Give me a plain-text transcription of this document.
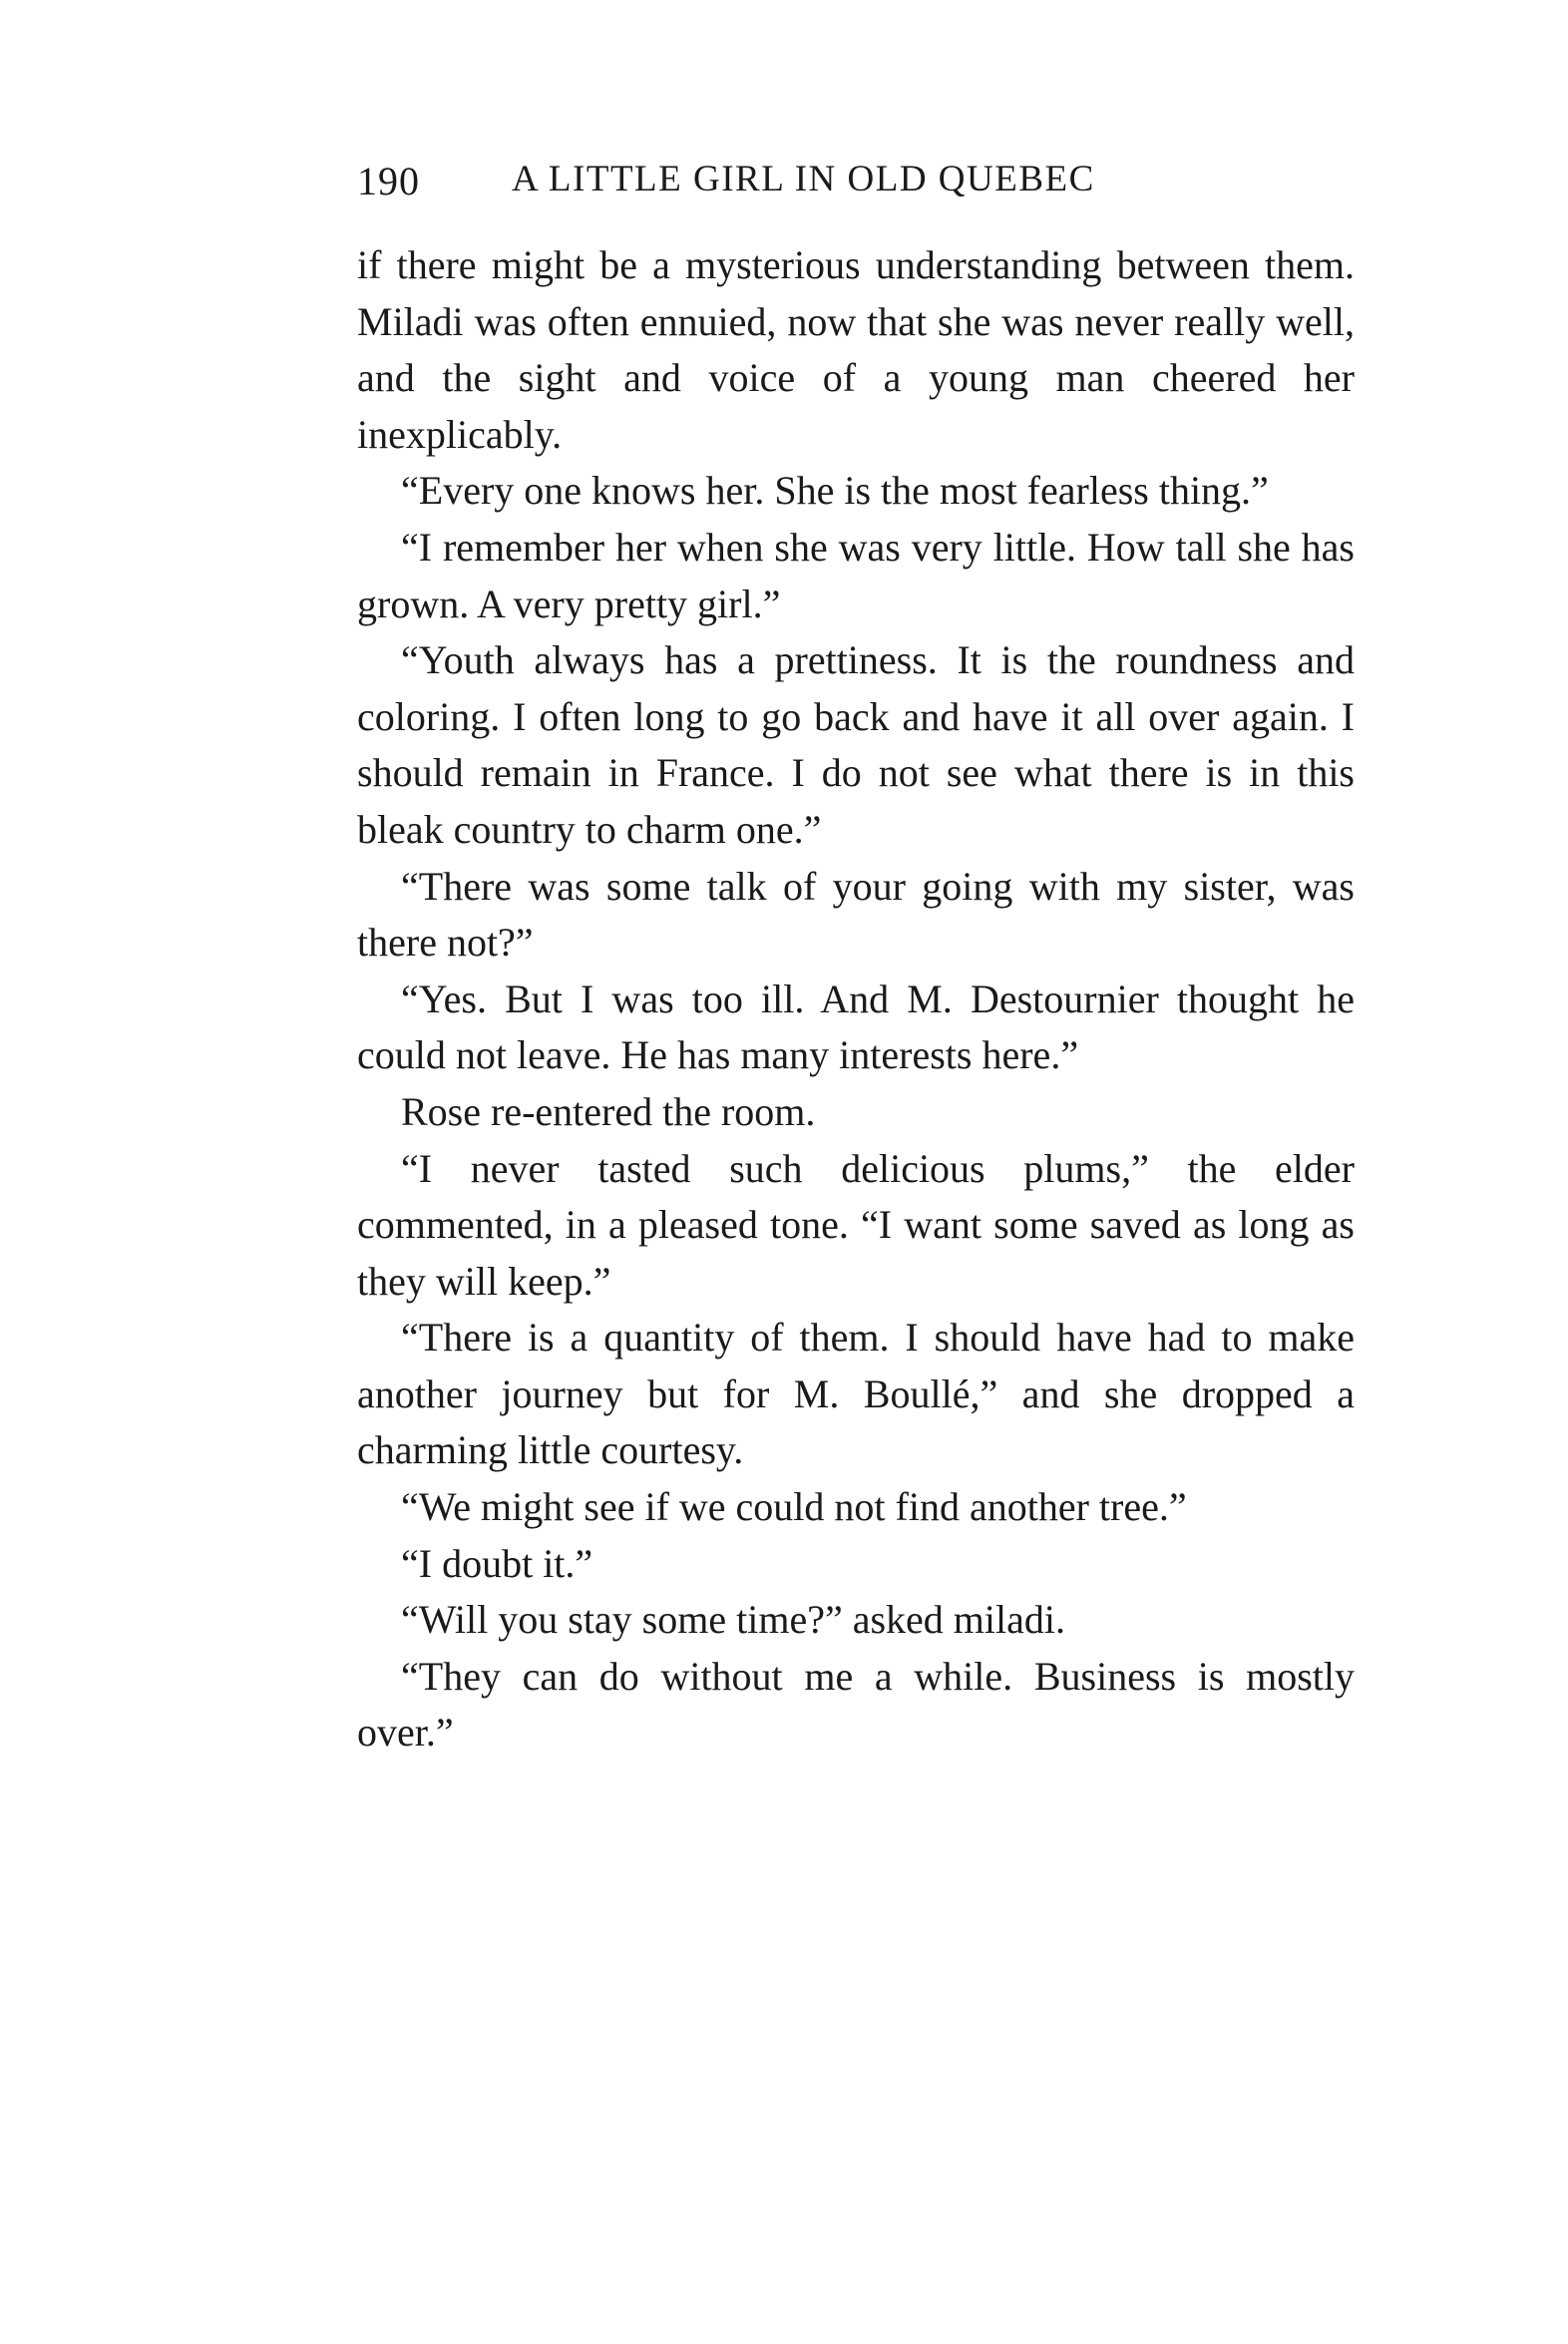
190 A LITTLE GIRL IN OLD QUEBEC

if there might be a mysterious understanding between them. Miladi was often ennuied, now that she was never really well, and the sight and voice of a young man cheered her inexplicably.

“Every one knows her. She is the most fearless thing.”

“I remember her when she was very little. How tall she has grown. A very pretty girl.”

“Youth always has a prettiness. It is the roundness and coloring. I often long to go back and have it all over again. I should remain in France. I do not see what there is in this bleak country to charm one.”

“There was some talk of your going with my sister, was there not?”

“Yes. But I was too ill. And M. Destournier thought he could not leave. He has many interests here.”

Rose re-entered the room.

“I never tasted such delicious plums,” the elder commented, in a pleased tone. “I want some saved as long as they will keep.”

“There is a quantity of them. I should have had to make another journey but for M. Boullé,” and she dropped a charming little courtesy.

“We might see if we could not find another tree.”

“I doubt it.”

“Will you stay some time?” asked miladi.

“They can do without me a while. Business is mostly over.”
